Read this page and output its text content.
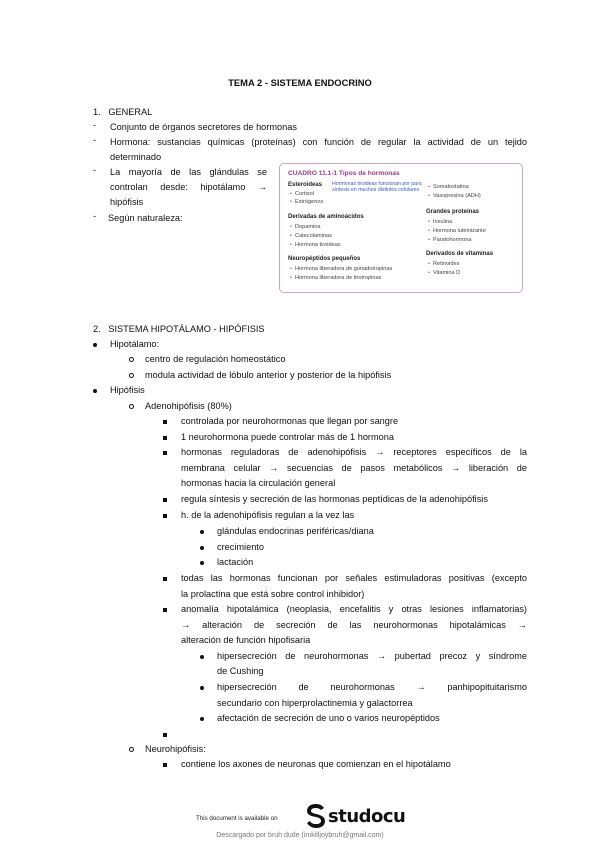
TEMA 2 - SISTEMA ENDOCRINO
1.   GENERAL
- Conjunto de órganos secretores de hormonas
- Hormona: sustancias químicas (proteínas) con función de regular la actividad de un tejido
determinado
- La mayoría de las glándulas se
controlan desde: hipotálamo →
hipófisis
- Según naturaleza:
CUADRO 11.1-1 Tipos de hormonas
Esteroideas Hormonas tiroideas funcionan por para síntesis en muchos distintos celulares
• Cortisol
• Estrógenos
Derivadas de aminoácidos
• Dopamina
• Catecolaminas
• Hormona tiroideas
Neuropéptidos pequeños
• Hormona liberadora de gonadotropinas
• Hormona liberadora de tirotropinas
• Somatostatina
• Vasopresina (ADH)
Grandes proteínas
• Insulina
• Hormona luteinizante
• Paratohormona
Derivados de vitaminas
• Retinoides
• Vitamina D
2.   SISTEMA HIPOTÁLAMO - HIPÓFISIS
Hipotálamo:
centro de regulación homeostático
modula actividad de lóbulo anterior y posterior de la hipófisis
Hipófisis
Adenohipófisis (80%)
controlada por neurohormonas que llegan por sangre
1 neurohormona puede controlar más de 1 hormona
hormonas reguladoras de adenohipófisis → receptores específicos de la
membrana celular → secuencias de pasos metabólicos → liberación de
hormonas hacia la circulación general
regula síntesis y secreción de las hormonas peptídicas de la adenohipófisis
h. de la adenohipófisis regulan a la vez las
glándulas endocrinas periféricas/diana
crecimiento
lactación
todas las hormonas funcionan por señales estimuladoras positivas (excepto
la prolactina que está sobre control inhibidor)
anomalía hipotalámica (neoplasia, encefalitis y otras lesiones inflamatorias)
→ alteración de secreción de las neurohormonas hipotalámicas →
alteración de función hipofisaria
hipersecreción de neurohormonas → pubertad precoz y síndrome
de Cushing
hipersecreción de neurohormonas → panhipopituitarismo
secundario con hiperprolactinemia y galactorrea
afectación de secreción de uno o varios neuropéptidos
Neurohipófisis:
contiene los axones de neuronas que comienzan en el hipotálamo
This document is available on	studocu
Descargado por bruh dude (imkilljoybruh@gmail.com)
